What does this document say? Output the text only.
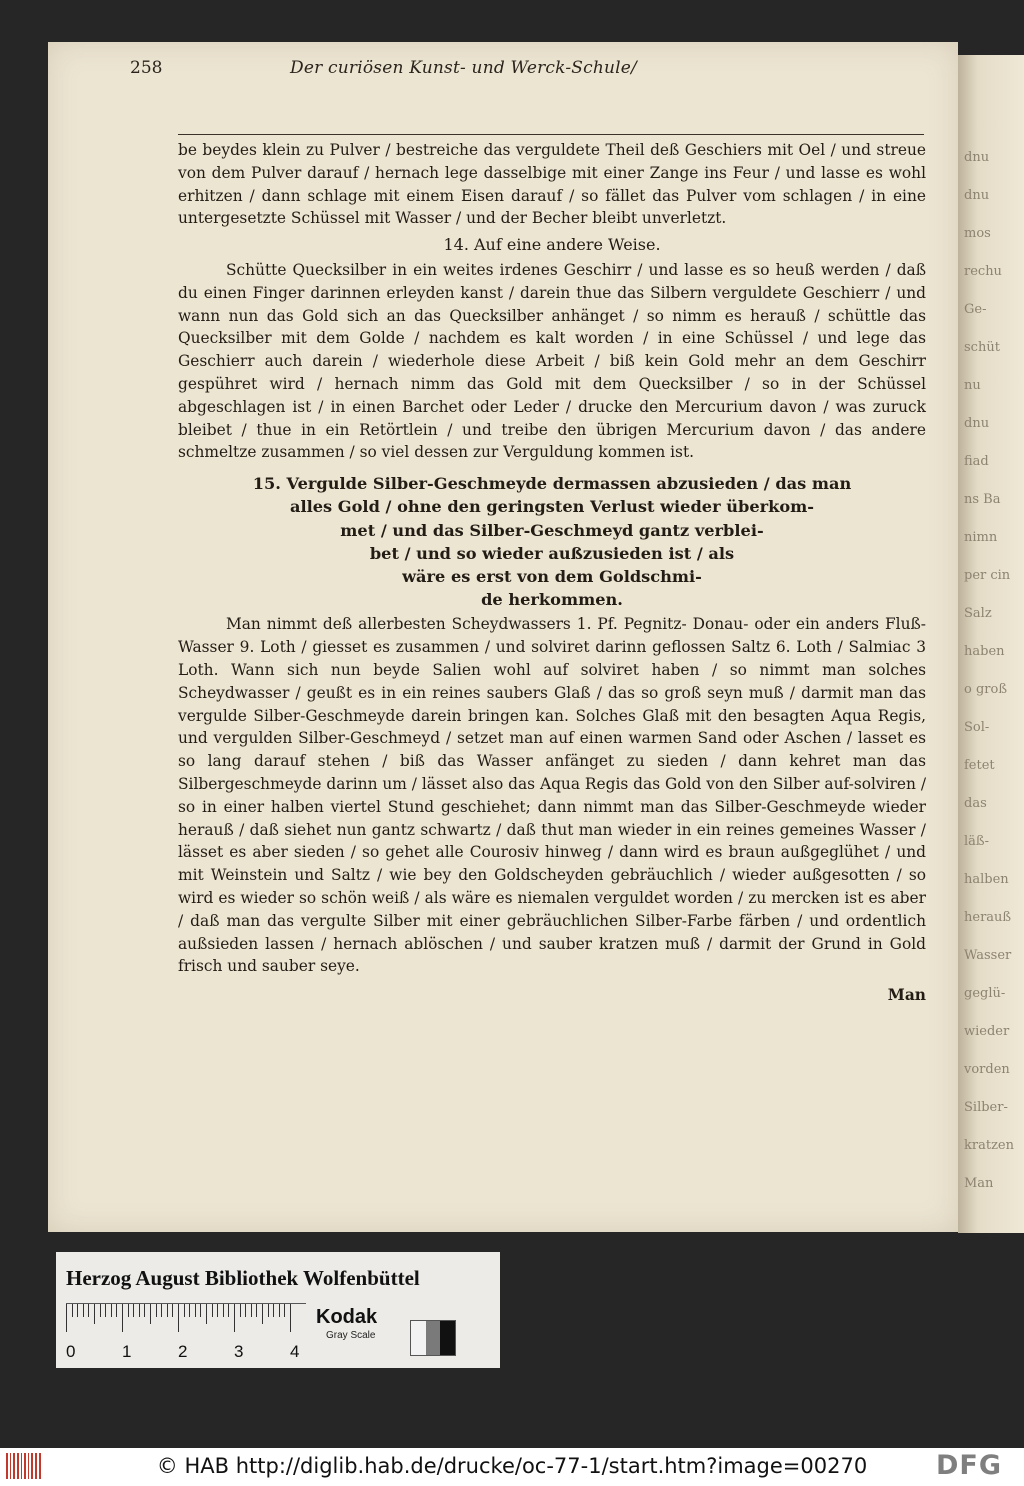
dnu
dnu
mos
rechu
Ge-
schüt
nu
dnu
fiad
ns Ba
nimn
per cin
Salz
haben
o groß
Sol-
fetet
das
läß-
halben
herauß
Wasser
geglü-
wieder
vorden
Silber-
kratzen
Man
258	Der curiösen Kunst- und Werck-Schule/

be beydes klein zu Pulver / bestreiche das verguldete Theil deß Geschiers mit Oel / und streue von dem Pulver darauf / hernach lege dasselbige mit einer Zange ins Feur / und lasse es wohl erhitzen / dann schlage mit einem Eisen darauf / so fället das Pulver vom schlagen / in eine untergesetzte Schüssel mit Wasser / und der Becher bleibt unverletzt.

14. Auf eine andere Weise.

Schütte Quecksilber in ein weites irdenes Geschirr / und lasse es so heuß werden / daß du einen Finger darinnen erleyden kanst / darein thue das Silbern verguldete Geschierr / und wann nun das Gold sich an das Quecksilber anhänget / so nimm es herauß / schüttle das Quecksilber mit dem Golde / nachdem es kalt worden / in eine Schüssel / und lege das Geschierr auch darein / wiederhole diese Arbeit / biß kein Gold mehr an dem Geschirr gespühret wird / hernach nimm das Gold mit dem Quecksilber / so in der Schüssel abgeschlagen ist / in einen Barchet oder Leder / drucke den Mercurium davon / was zuruck bleibet / thue in ein Retörtlein / und treibe den übrigen Mercurium davon / das andere schmeltze zusammen / so viel dessen zur Verguldung kommen ist.

15. Verguldе Silber-Geschmeyde dermassen abzusieden / das man
alles Gold / ohne den geringsten Verlust wieder überkom-
met / und das Silber-Geschmeyd gantz verblei-
bet / und so wieder außzusieden ist / als
wäre es erst von dem Goldschmi-
de herkommen.

Man nimmt deß allerbesten Scheydwassers 1. Pf. Pegnitz- Donau- oder ein anders Fluß-Wasser 9. Loth / giesset es zusammen / und solviret darinn geflossen Saltz 6. Loth / Salmiac 3 Loth. Wann sich nun beyde Salien wohl auf solviret haben / so nimmt man solches Scheydwasser / geußt es in ein reines saubers Glaß / das so groß seyn muß / darmit man das verguldе Silber-Geschmeyde darein bringen kan. Solches Glaß mit den besagten Aqua Regis, und verguldеn Silber-Geschmeyd / setzet man auf einen warmen Sand oder Aschen / lasset es so lang darauf stehen / biß das Wasser anfänget zu sieden / dann kehret man das Silbergeschmeyde darinn um / lässet also das Aqua Regis das Gold von den Silber auf-solviren / so in einer halben viertel Stund geschiehet; dann nimmt man das Silber-Geschmeyde wieder herauß / daß siehet nun gantz schwartz / daß thut man wieder in ein reines gemeines Wasser / lässet es aber sieden / so gehet alle Courosiv hinweg / dann wird es braun außgeglühet / und mit Weinstein und Saltz / wie bey den Goldscheyden gebräuchlich / wieder außgesotten / so wird es wieder so schön weiß / als wäre es niemalen verguldet worden / zu mercken ist es aber / daß man das vergulte Silber mit einer gebräuchlichen Silber-Farbe färben / und ordentlich außsieden lassen / hernach ablöschen / und sauber kratzen muß / darmit der Grund in Gold frisch und sauber seye.

Man

Herzog August Bibliothek Wolfenbüttel
0	1	2	3	4
Kodak
Gray Scale
© HAB http://diglib.hab.de/drucke/oc-77-1/start.htm?image=00270	DFG
